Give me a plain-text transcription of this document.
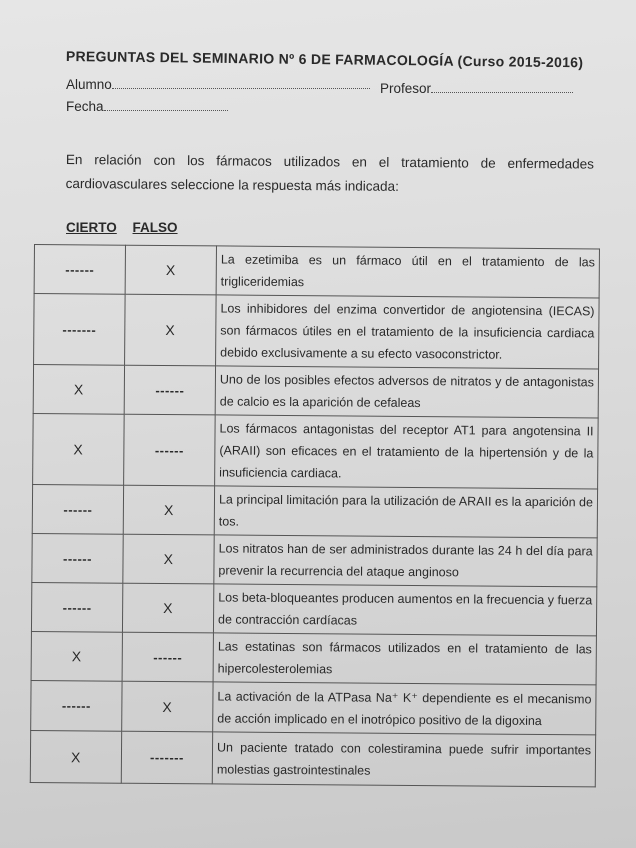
PREGUNTAS DEL SEMINARIO Nº 6 DE FARMACOLOGÍA (Curso 2015-2016)
Alumno	Profesor
Fecha
En relación con los fármacos utilizados en el tratamiento de enfermedades cardiovasculares seleccione la respuesta más indicada:
CIERTO FALSO
------	X	La ezetimiba es un fármaco útil en el tratamiento de las trigliceridemias
-------	X	Los inhibidores del enzima convertidor de angiotensina (IECAS) son fármacos útiles en el tratamiento de la insuficiencia cardiaca debido exclusivamente a su efecto vasoconstrictor.
X	------	Uno de los posibles efectos adversos de nitratos y de antagonistas de calcio es la aparición de cefaleas
X	------	Los fármacos antagonistas del receptor AT1 para angotensina II (ARAII) son eficaces en el tratamiento de la hipertensión y de la insuficiencia cardiaca.
------	X	La principal limitación para la utilización de ARAII es la aparición de tos.
------	X	Los nitratos han de ser administrados durante las 24 h del día para prevenir la recurrencia del ataque anginoso
------	X	Los beta-bloqueantes producen aumentos en la frecuencia y fuerza de contracción cardíacas
X	------	Las estatinas son fármacos utilizados en el tratamiento de las hipercolesterolemias
------	X	La activación de la ATPasa Na⁺ K⁺ dependiente es el mecanismo de acción implicado en el inotrópico positivo de la digoxina
X	-------	Un paciente tratado con colestiramina puede sufrir importantes molestias gastrointestinales
